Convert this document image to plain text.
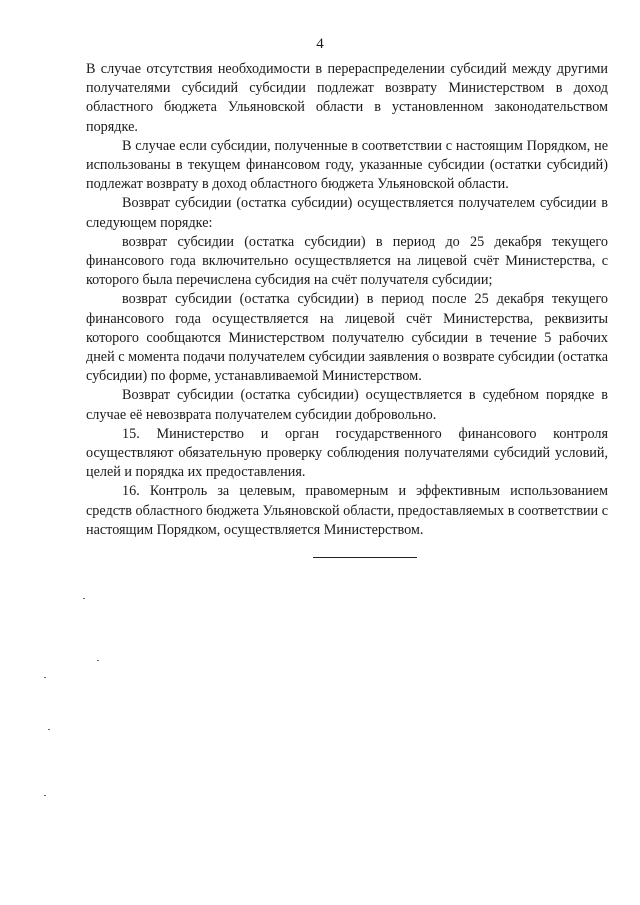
4

В случае отсутствия необходимости в перераспределении субсидий между другими получателями субсидий субсидии подлежат возврату Министерством в доход областного бюджета Ульяновской области в установленном законодательством порядке.

В случае если субсидии, полученные в соответствии с настоящим Порядком, не использованы в текущем финансовом году, указанные субсидии (остатки субсидий) подлежат возврату в доход областного бюджета Ульяновской области.

Возврат субсидии (остатка субсидии) осуществляется получателем субсидии в следующем порядке:

возврат субсидии (остатка субсидии) в период до 25 декабря текущего финансового года включительно осуществляется на лицевой счёт Министерства, с которого была перечислена субсидия на счёт получателя субсидии;

возврат субсидии (остатка субсидии) в период после 25 декабря текущего финансового года осуществляется на лицевой счёт Министерства, реквизиты которого сообщаются Министерством получателю субсидии в течение 5 рабочих дней с момента подачи получателем субсидии заявления о возврате субсидии (остатка субсидии) по форме, устанавливаемой Министерством.

Возврат субсидии (остатка субсидии) осуществляется в судебном порядке в случае её невозврата получателем субсидии добровольно.

15. Министерство и орган государственного финансового контроля осуществляют обязательную проверку соблюдения получателями субсидий условий, целей и порядка их предоставления.

16. Контроль за целевым, правомерным и эффективным использованием средств областного бюджета Ульяновской области, предоставляемых в соответствии с настоящим Порядком, осуществляется Министерством.
